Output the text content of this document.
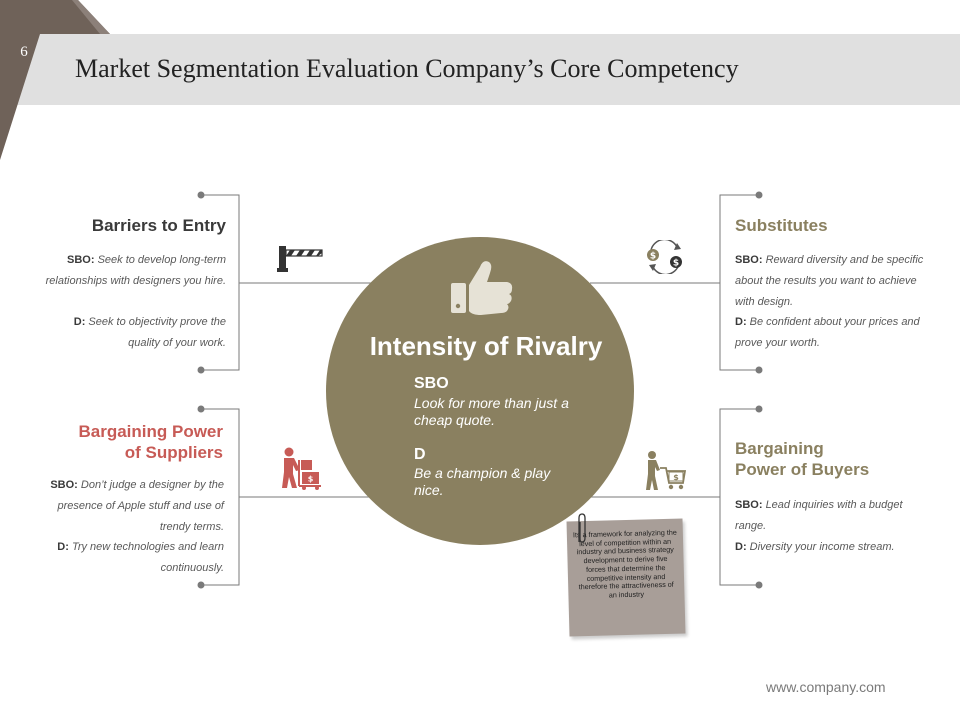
6
Market Segmentation Evaluation Company’s Core Competency
Intensity of Rivalry
SBO
Look for more than just a cheap quote.
D
Be a champion & play nice.
Barriers to Entry
SBO: Seek to develop long-term relationships with designers you hire.
D: Seek to objectivity prove the quality of your work.
Substitutes
SBO: Reward diversity and be specific about the results you want to achieve with design.
D: Be confident about your prices and prove your worth.
$
$
Bargaining Power
of Suppliers
SBO: Don’t judge a designer by the presence of Apple stuff and use of trendy terms.
D: Try new technologies and learn continuously.
$
Bargaining
Power of Buyers
SBO: Lead inquiries with a budget range.
D: Diversity your income stream.
$
Its a framework for analyzing the level of competition within an industry and business strategy development to derive five forces that determine the competitive intensity and therefore the attractiveness of an industry
www.company.com
